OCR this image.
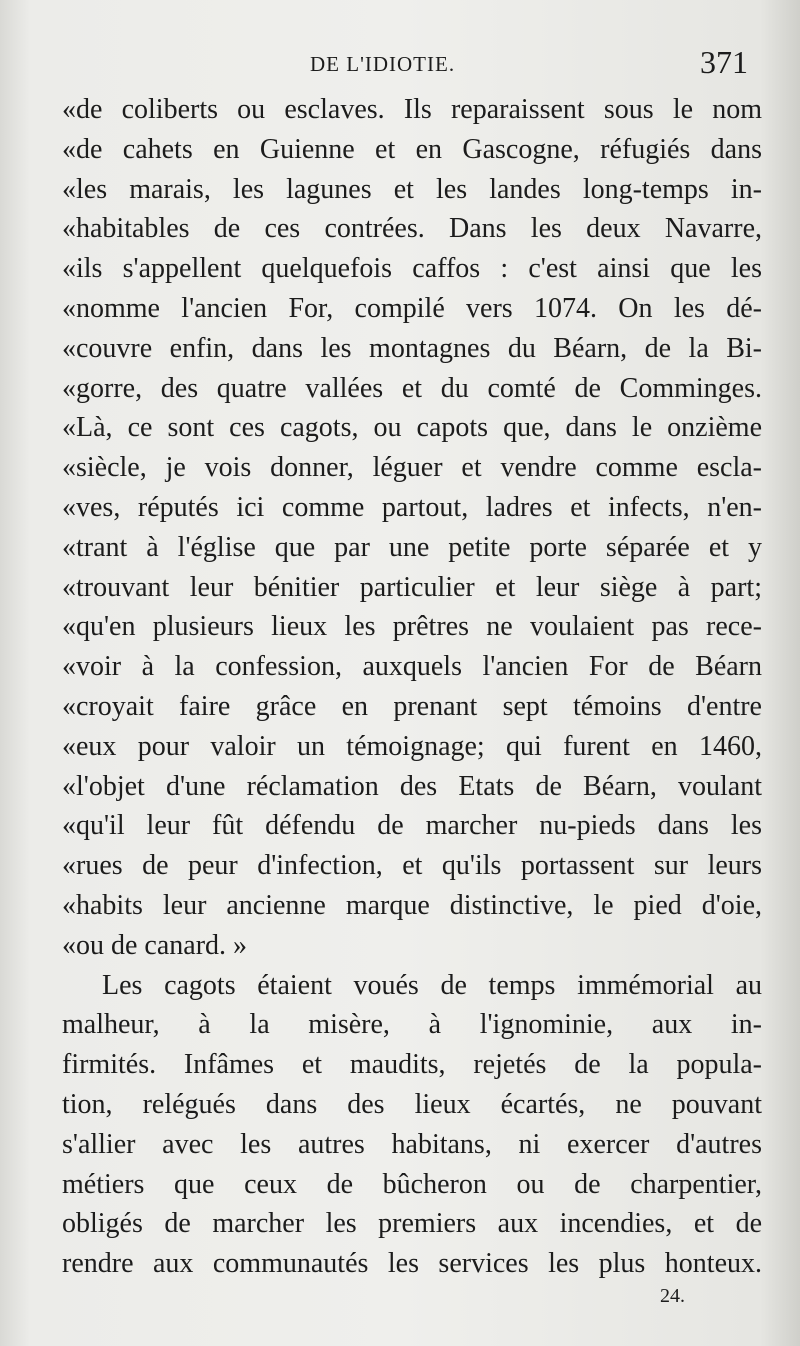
DE L'IDIOTIE.	371
«de coliberts ou esclaves. Ils reparaissent sous le nom
«de cahets en Guienne et en Gascogne, réfugiés dans
«les marais, les lagunes et les landes long-temps in-
«habitables de ces contrées. Dans les deux Navarre,
«ils s'appellent quelquefois caffos : c'est ainsi que les
«nomme l'ancien For, compilé vers 1074. On les dé-
«couvre enfin, dans les montagnes du Béarn, de la Bi-
«gorre, des quatre vallées et du comté de Comminges.
«Là, ce sont ces cagots, ou capots que, dans le onzième
«siècle, je vois donner, léguer et vendre comme escla-
«ves, réputés ici comme partout, ladres et infects, n'en-
«trant à l'église que par une petite porte séparée et y
«trouvant leur bénitier particulier et leur siège à part;
«qu'en plusieurs lieux les prêtres ne voulaient pas rece-
«voir à la confession, auxquels l'ancien For de Béarn
«croyait faire grâce en prenant sept témoins d'entre
«eux pour valoir un témoignage; qui furent en 1460,
«l'objet d'une réclamation des Etats de Béarn, voulant
«qu'il leur fût défendu de marcher nu-pieds dans les
«rues de peur d'infection, et qu'ils portassent sur leurs
«habits leur ancienne marque distinctive, le pied d'oie,
«ou de canard. »
Les cagots étaient voués de temps immémorial au
malheur, à la misère, à l'ignominie, aux in-
firmités. Infâmes et maudits, rejetés de la popula-
tion, relégués dans des lieux écartés, ne pouvant
s'allier avec les autres habitans, ni exercer d'autres
métiers que ceux de bûcheron ou de charpentier,
obligés de marcher les premiers aux incendies, et de
rendre aux communautés les services les plus honteux.
24.
